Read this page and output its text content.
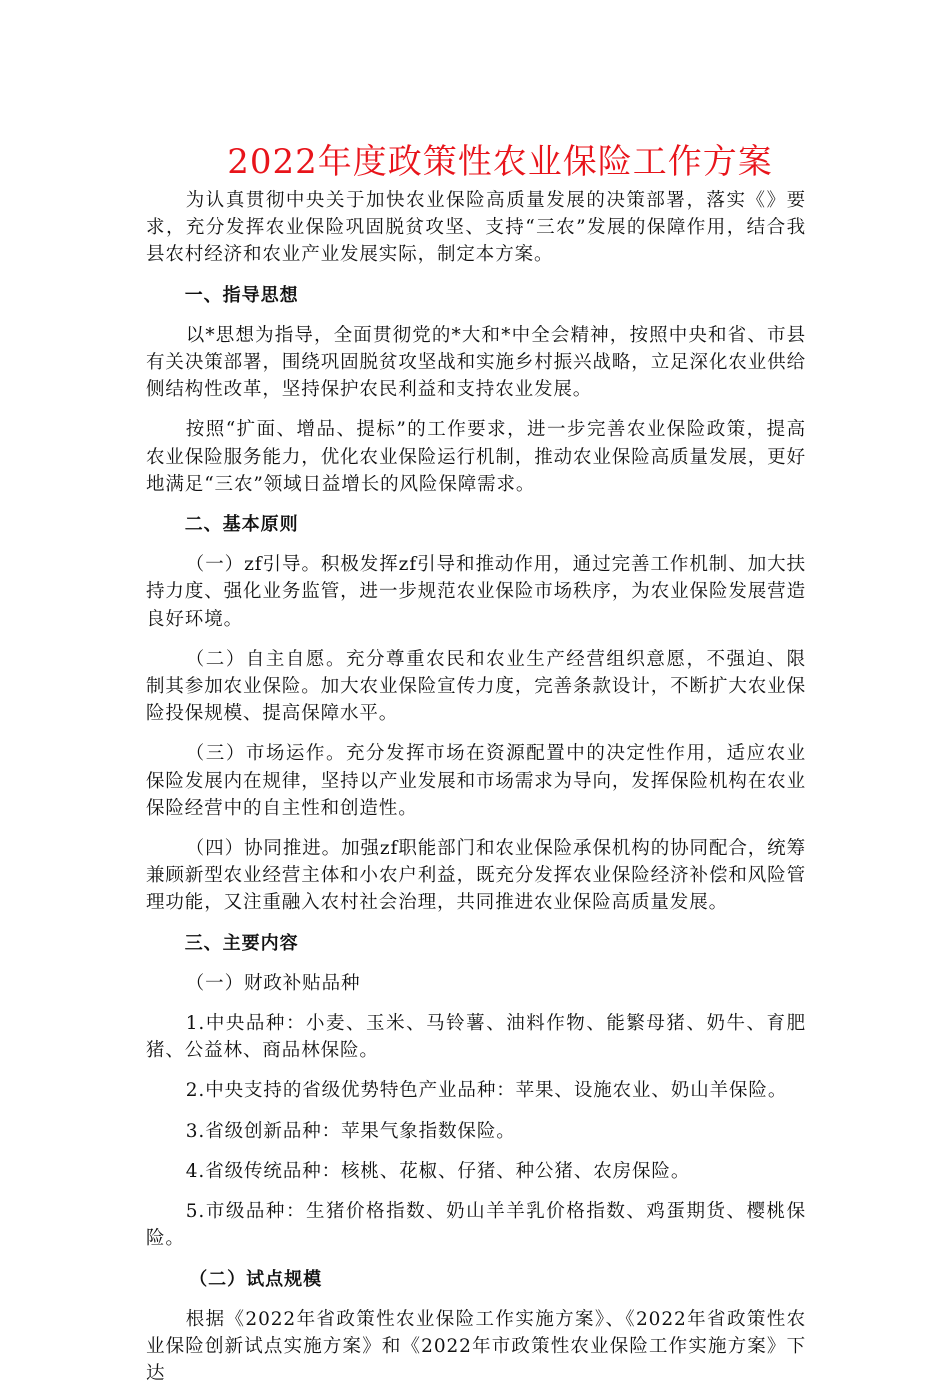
2022年度政策性农业保险工作方案

为认真贯彻中央关于加快农业保险高质量发展的决策部署，落实《》要求，充分发挥农业保险巩固脱贫攻坚、支持“三农”发展的保障作用，结合我县农村经济和农业产业发展实际，制定本方案。

一、指导思想

以*思想为指导，全面贯彻党的*大和*中全会精神，按照中央和省、市县有关决策部署，围绕巩固脱贫攻坚战和实施乡村振兴战略，立足深化农业供给侧结构性改革，坚持保护农民利益和支持农业发展。

按照“扩面、增品、提标”的工作要求，进一步完善农业保险政策，提高农业保险服务能力，优化农业保险运行机制，推动农业保险高质量发展，更好地满足“三农”领域日益增长的风险保障需求。

二、基本原则

（一）zf引导。积极发挥zf引导和推动作用，通过完善工作机制、加大扶持力度、强化业务监管，进一步规范农业保险市场秩序，为农业保险发展营造良好环境。

（二）自主自愿。充分尊重农民和农业生产经营组织意愿，不强迫、限制其参加农业保险。加大农业保险宣传力度，完善条款设计，不断扩大农业保险投保规模、提高保障水平。

（三）市场运作。充分发挥市场在资源配置中的决定性作用，适应农业保险发展内在规律，坚持以产业发展和市场需求为导向，发挥保险机构在农业保险经营中的自主性和创造性。

（四）协同推进。加强zf职能部门和农业保险承保机构的协同配合，统筹兼顾新型农业经营主体和小农户利益，既充分发挥农业保险经济补偿和风险管理功能，又注重融入农村社会治理，共同推进农业保险高质量发展。

三、主要内容

（一）财政补贴品种

1.中央品种：小麦、玉米、马铃薯、油料作物、能繁母猪、奶牛、育肥猪、公益林、商品林保险。

2.中央支持的省级优势特色产业品种：苹果、设施农业、奶山羊保险。

3.省级创新品种：苹果气象指数保险。

4.省级传统品种：核桃、花椒、仔猪、种公猪、农房保险。

5.市级品种：生猪价格指数、奶山羊羊乳价格指数、鸡蛋期货、樱桃保险。

（二）试点规模

根据《2022年省政策性农业保险工作实施方案》、《2022年省政策性农业保险创新试点实施方案》和《2022年市政策性农业保险工作实施方案》下达
